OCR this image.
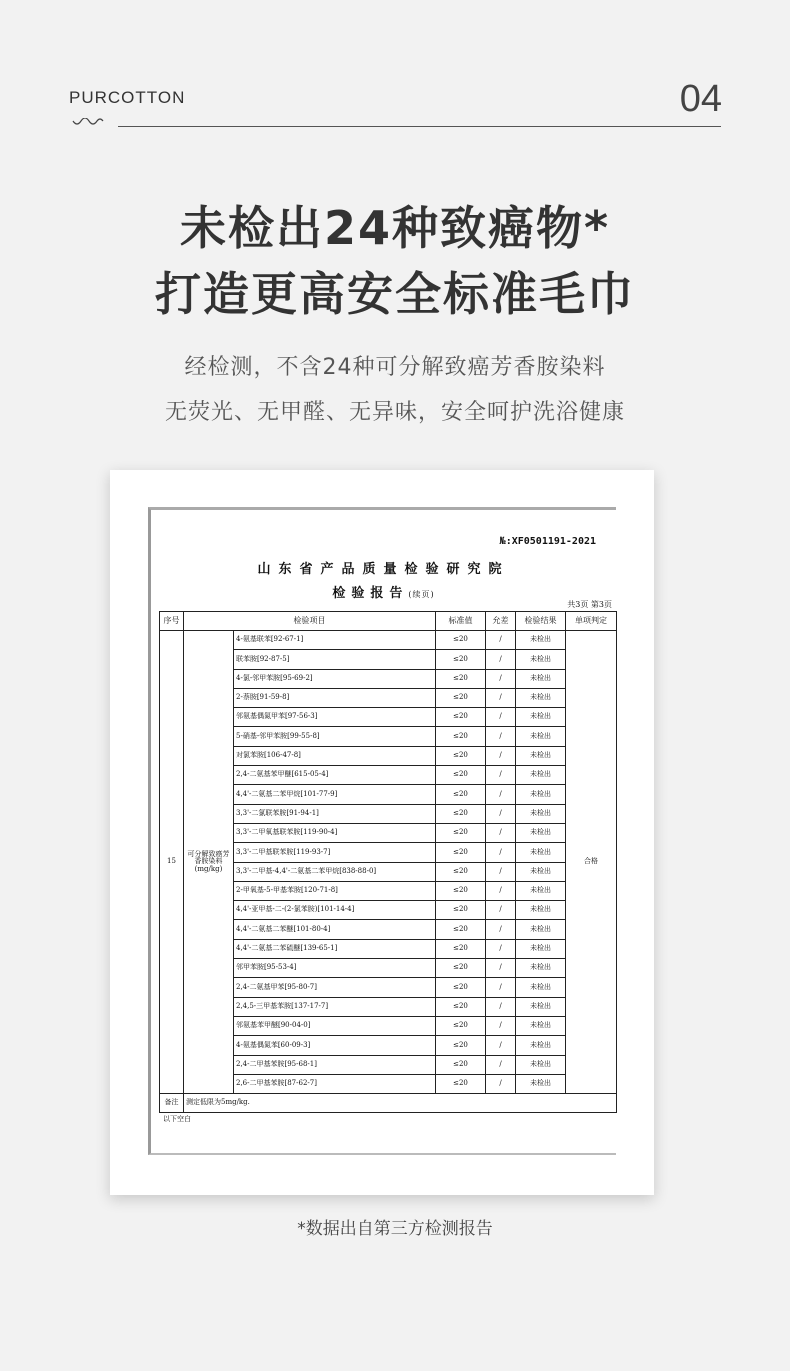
PURCOTTON	04
未检出24种致癌物*
打造更高安全标准毛巾
经检测，不含24种可分解致癌芳香胺染料
无荧光、无甲醛、无异味，安全呵护洗浴健康
№:XF0501191-2021
山东省产品质量检验研究院
检验报告(续页)
共3页 第3页
序号	检验项目		标准值	允差	检验结果	单项判定
15	可分解致癌芳香胺染料 (mg/kg)	4-氨基联苯[92-67-1]	≤20	/	未检出	合格
		联苯胺[92-87-5]	≤20	/	未检出	
		4-氯-邻甲苯胺[95-69-2]	≤20	/	未检出	
		2-萘胺[91-59-8]	≤20	/	未检出	
		邻氨基偶氮甲苯[97-56-3]	≤20	/	未检出	
		5-硝基-邻甲苯胺[99-55-8]	≤20	/	未检出	
		对氯苯胺[106-47-8]	≤20	/	未检出	
		2,4-二氨基苯甲醚[615-05-4]	≤20	/	未检出	
		4,4'-二氨基二苯甲烷[101-77-9]	≤20	/	未检出	
		3,3'-二氯联苯胺[91-94-1]	≤20	/	未检出	
		3,3'-二甲氧基联苯胺[119-90-4]	≤20	/	未检出	
		3,3'-二甲基联苯胺[119-93-7]	≤20	/	未检出	
		3,3'-二甲基-4,4'-二氨基二苯甲烷[838-88-0]	≤20	/	未检出	
		2-甲氧基-5-甲基苯胺[120-71-8]	≤20	/	未检出	
		4,4'-亚甲基-二-(2-氯苯胺)[101-14-4]	≤20	/	未检出	
		4,4'-二氨基二苯醚[101-80-4]	≤20	/	未检出	
		4,4'-二氨基二苯硫醚[139-65-1]	≤20	/	未检出	
		邻甲苯胺[95-53-4]	≤20	/	未检出	
		2,4-二氨基甲苯[95-80-7]	≤20	/	未检出	
		2,4,5-三甲基苯胺[137-17-7]	≤20	/	未检出	
		邻氨基苯甲醚[90-04-0]	≤20	/	未检出	
		4-氨基偶氮苯[60-09-3]	≤20	/	未检出	
		2,4-二甲基苯胺[95-68-1]	≤20	/	未检出	
		2,6-二甲基苯胺[87-62-7]	≤20	/	未检出	
备注	测定低限为5mg/kg.					
以下空白
*数据出自第三方检测报告
